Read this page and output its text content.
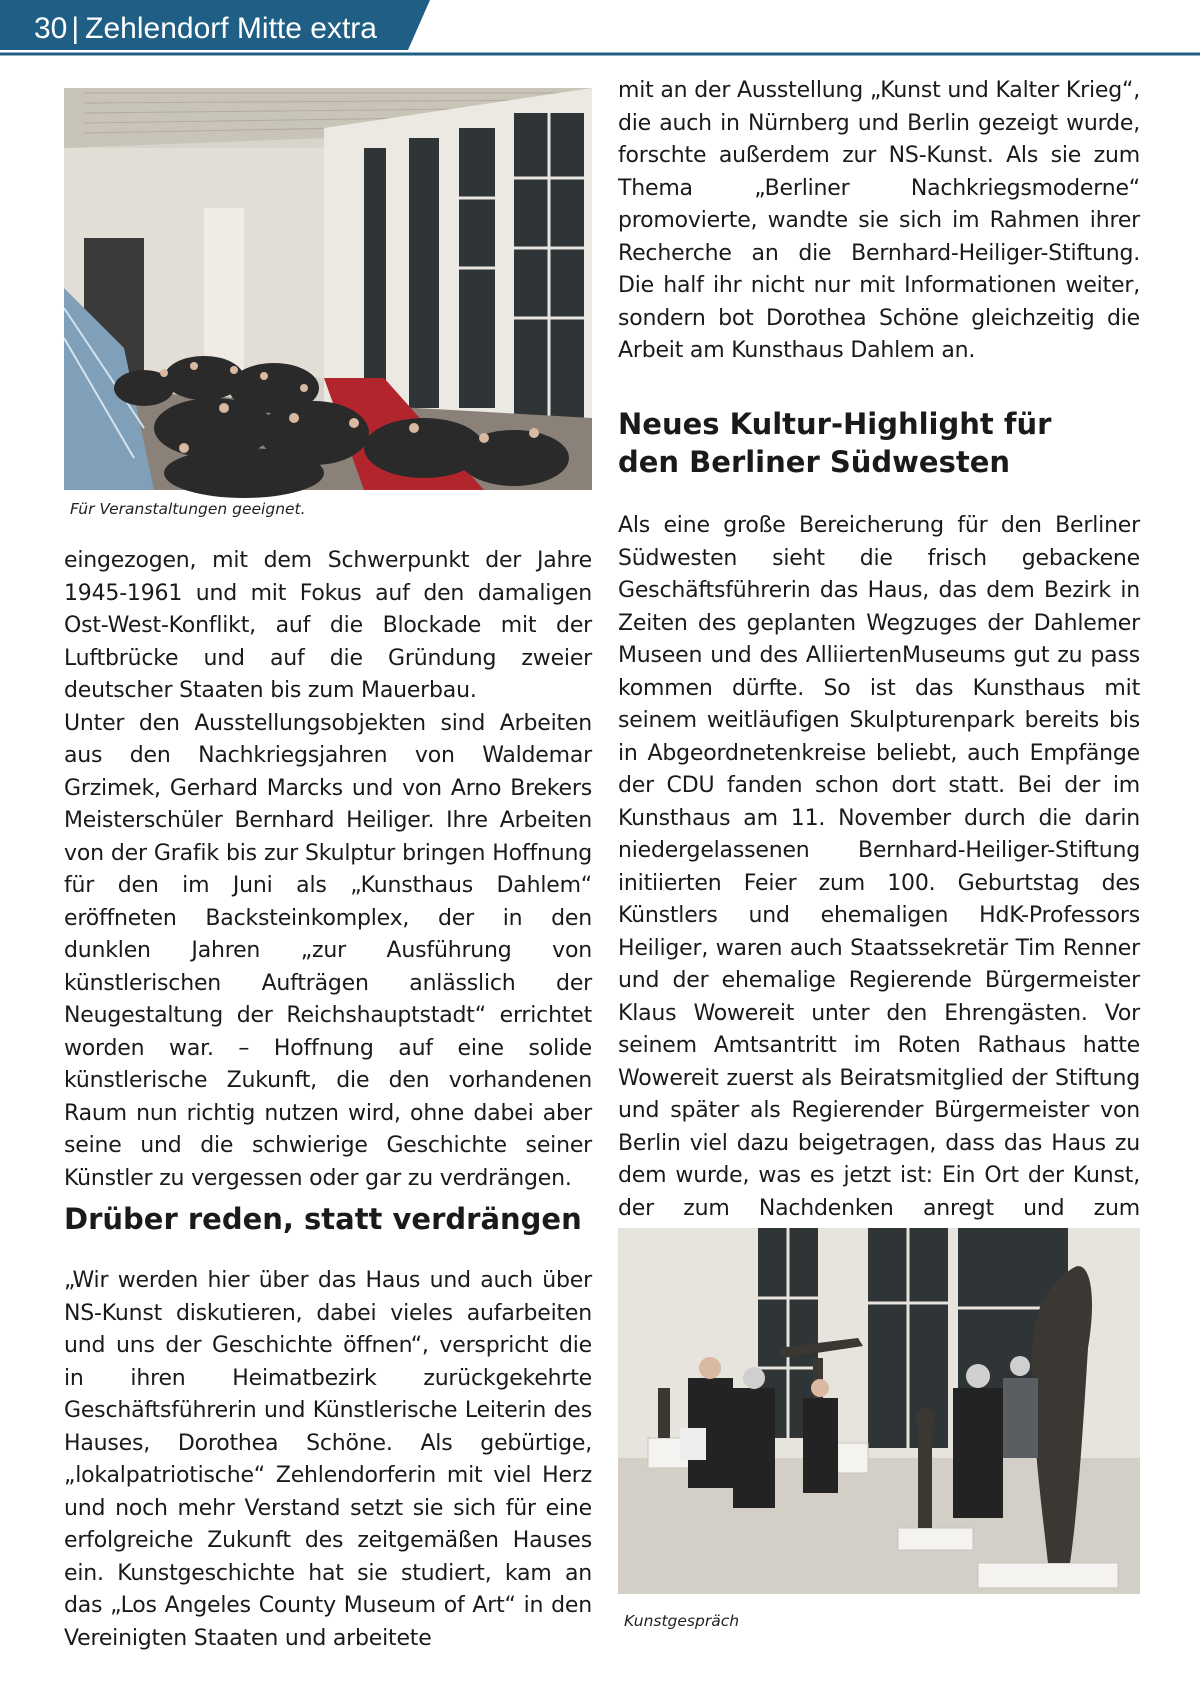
30 | Zehlendorf Mitte extra
Für Veranstaltungen geeignet.

eingezogen, mit dem Schwerpunkt der Jahre 1945-1961 und mit Fokus auf den damaligen Ost-West-Konflikt, auf die Blockade mit der Luftbrücke und auf die Gründung zweier deutscher Staaten bis zum Mauerbau.

Unter den Ausstellungsobjekten sind Arbeiten aus den Nachkriegsjahren von Waldemar Grzimek, Gerhard Marcks und von Arno Brekers Meisterschüler Bernhard Heiliger. Ihre Arbeiten von der Grafik bis zur Skulptur bringen Hoffnung für den im Juni als „Kunsthaus Dahlem“ eröffneten Backsteinkomplex, der in den dunklen Jahren „zur Ausführung von künstlerischen Aufträgen anlässlich der Neugestaltung der Reichshauptstadt“ errichtet worden war. – Hoffnung auf eine solide künstlerische Zukunft, die den vorhandenen Raum nun richtig nutzen wird, ohne dabei aber seine und die schwierige Geschichte seiner Künstler zu vergessen oder gar zu verdrängen.

Drüber reden, statt verdrängen

„Wir werden hier über das Haus und auch über NS-Kunst diskutieren, dabei vieles aufarbeiten und uns der Geschichte öffnen“, verspricht die in ihren Heimatbezirk zurückgekehrte Geschäftsführerin und Künstlerische Leiterin des Hauses, Dorothea Schöne. Als gebürtige, „lokalpatriotische“ Zehlendorferin mit viel Herz und noch mehr Verstand setzt sie sich für eine erfolgreiche Zukunft des zeitgemäßen Hauses ein. Kunstgeschichte hat sie studiert, kam an das „Los Angeles County Museum of Art“ in den Vereinigten Staaten und arbeitete

mit an der Ausstellung „Kunst und Kalter Krieg“, die auch in Nürnberg und Berlin gezeigt wurde, forschte außerdem zur NS-Kunst. Als sie zum Thema „Berliner Nachkriegsmoderne“ promovierte, wandte sie sich im Rahmen ihrer Recherche an die Bernhard-Heiliger-Stiftung. Die half ihr nicht nur mit Informationen weiter, sondern bot Dorothea Schöne gleichzeitig die Arbeit am Kunsthaus Dahlem an.

Neues Kultur-Highlight für
den Berliner Südwesten

Als eine große Bereicherung für den Berliner Südwesten sieht die frisch gebackene Geschäftsführerin das Haus, das dem Bezirk in Zeiten des geplanten Wegzuges der Dahlemer Museen und des AlliiertenMuseums gut zu pass kommen dürfte. So ist das Kunsthaus mit seinem weitläufigen Skulpturenpark bereits bis in Abgeordnetenkreise beliebt, auch Empfänge der CDU fanden schon dort statt. Bei der im Kunsthaus am 11. November durch die darin niedergelassenen Bernhard-Heiliger-Stiftung initiierten Feier zum 100. Geburtstag des Künstlers und ehemaligen HdK-Professors Heiliger, waren auch Staatssekretär Tim Renner und der ehemalige Regierende Bürgermeister Klaus Wowereit unter den Ehrengästen. Vor seinem Amtsantritt im Roten Rathaus hatte Wowereit zuerst als Beiratsmitglied der Stiftung und später als Regierender Bürgermeister von Berlin viel dazu beigetragen, dass das Haus zu dem wurde, was es jetzt ist: Ein Ort der Kunst, der zum Nachdenken anregt und zum

Kunstgespräch
